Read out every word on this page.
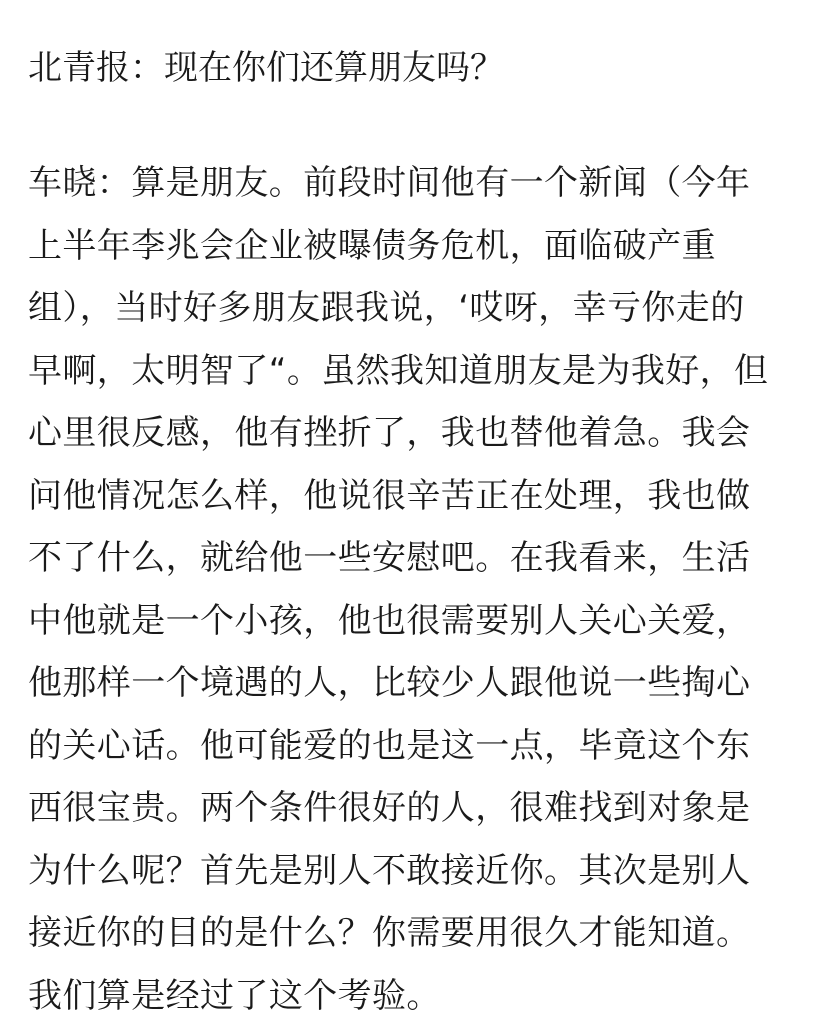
北青报：现在你们还算朋友吗？
车晓：算是朋友。前段时间他有一个新闻（今年
上半年李兆会企业被曝债务危机，面临破产重
组），当时好多朋友跟我说，‘哎呀，幸亏你走的
早啊，太明智了“。虽然我知道朋友是为我好，但
心里很反感，他有挫折了，我也替他着急。我会
问他情况怎么样，他说很辛苦正在处理，我也做
不了什么，就给他一些安慰吧。在我看来，生活
中他就是一个小孩，他也很需要别人关心关爱，
他那样一个境遇的人，比较少人跟他说一些掏心
的关心话。他可能爱的也是这一点，毕竟这个东
西很宝贵。两个条件很好的人，很难找到对象是
为什么呢？首先是别人不敢接近你。其次是别人
接近你的目的是什么？你需要用很久才能知道。
我们算是经过了这个考验。
